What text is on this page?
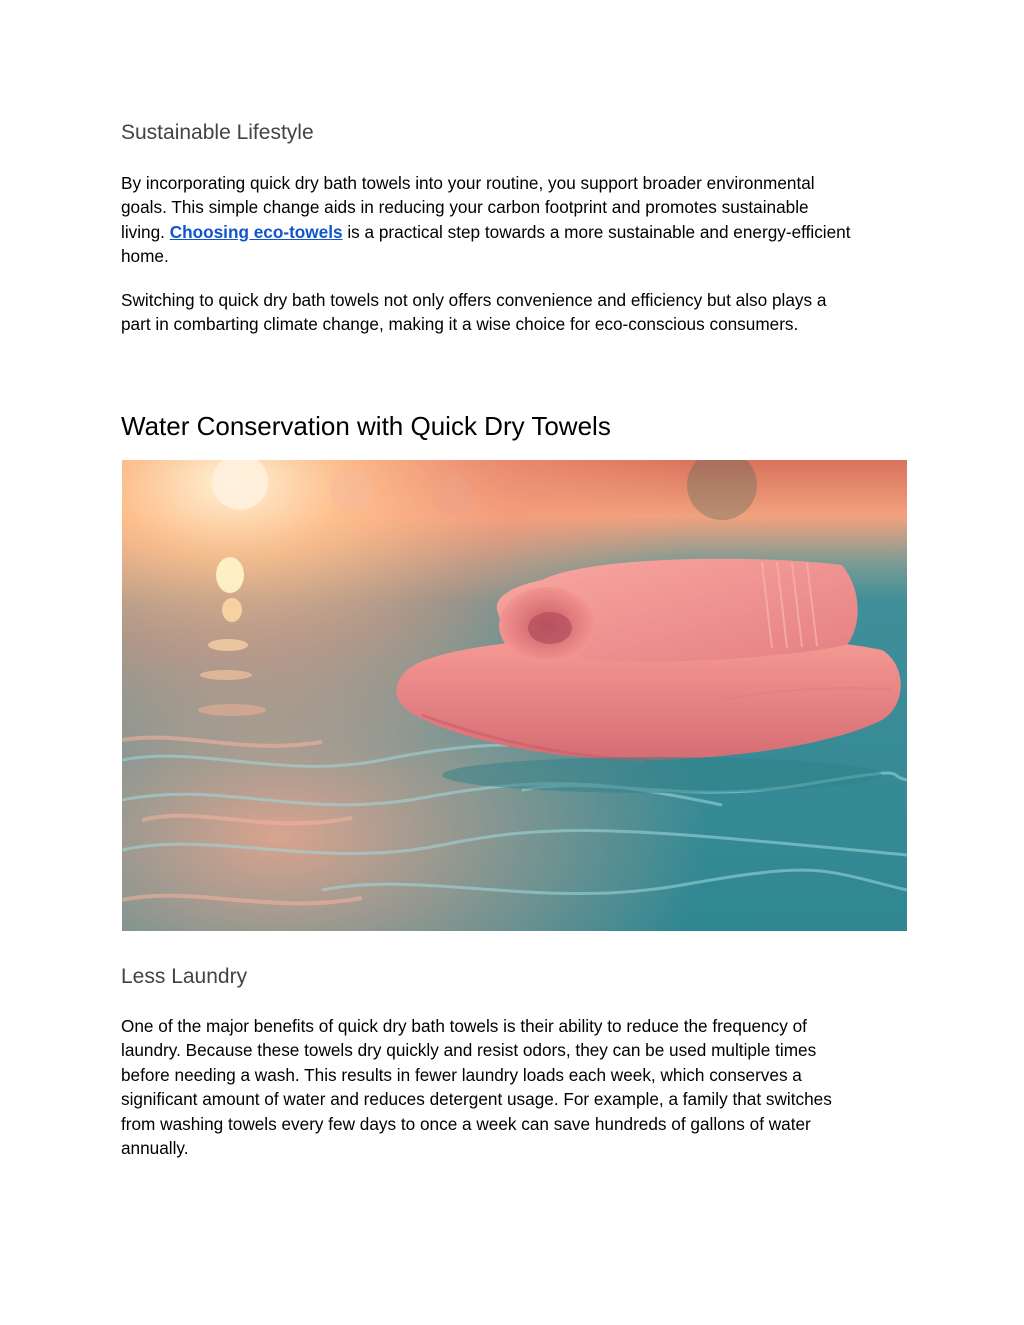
Sustainable Lifestyle

By incorporating quick dry bath towels into your routine, you support broader environmental
goals. This simple change aids in reducing your carbon footprint and promotes sustainable
living. Choosing eco-towels is a practical step towards a more sustainable and energy-efficient
home.

Switching to quick dry bath towels not only offers convenience and efficiency but also plays a
part in combarting climate change, making it a wise choice for eco-conscious consumers.

Water Conservation with Quick Dry Towels
Less Laundry

One of the major benefits of quick dry bath towels is their ability to reduce the frequency of
laundry. Because these towels dry quickly and resist odors, they can be used multiple times
before needing a wash. This results in fewer laundry loads each week, which conserves a
significant amount of water and reduces detergent usage. For example, a family that switches
from washing towels every few days to once a week can save hundreds of gallons of water
annually.
